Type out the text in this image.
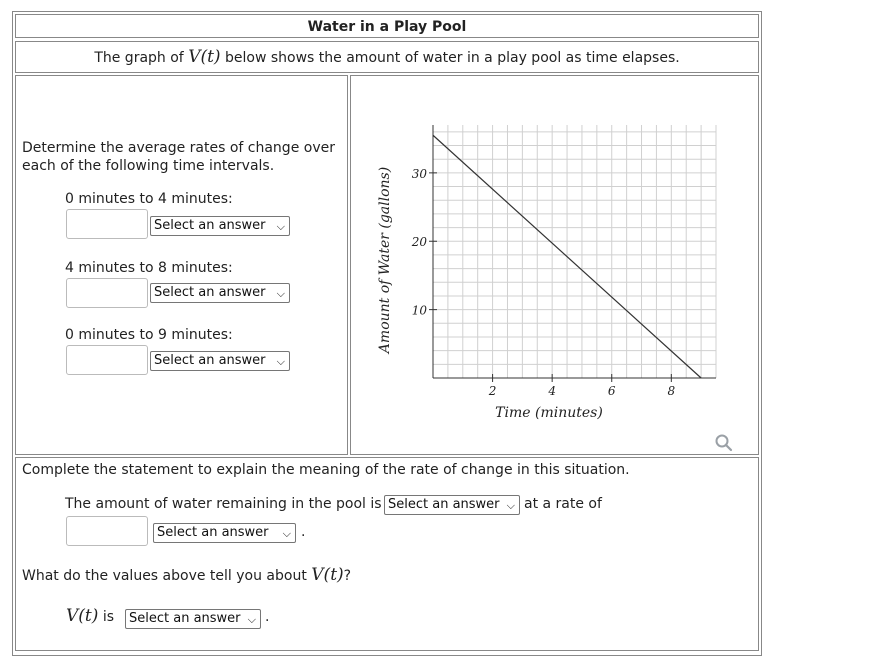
Water in a Play Pool
The graph of V(t) below shows the amount of water in a play pool as time elapses.
Determine the average rates of change over each of the following time intervals.
0 minutes to 4 minutes:
Select an answer ⌵
4 minutes to 8 minutes:
Select an answer ⌵
0 minutes to 9 minutes:
Select an answer ⌵
2	4	6	8
10
20
30
Time (minutes)
Amount of Water (gallons)
Complete the statement to explain the meaning of the rate of change in this situation.
The amount of water remaining in the pool is Select an answer ⌵ at a rate of
Select an answer ⌵ .
What do the values above tell you about V(t)?
V(t) is	Select an answer ⌵ .
